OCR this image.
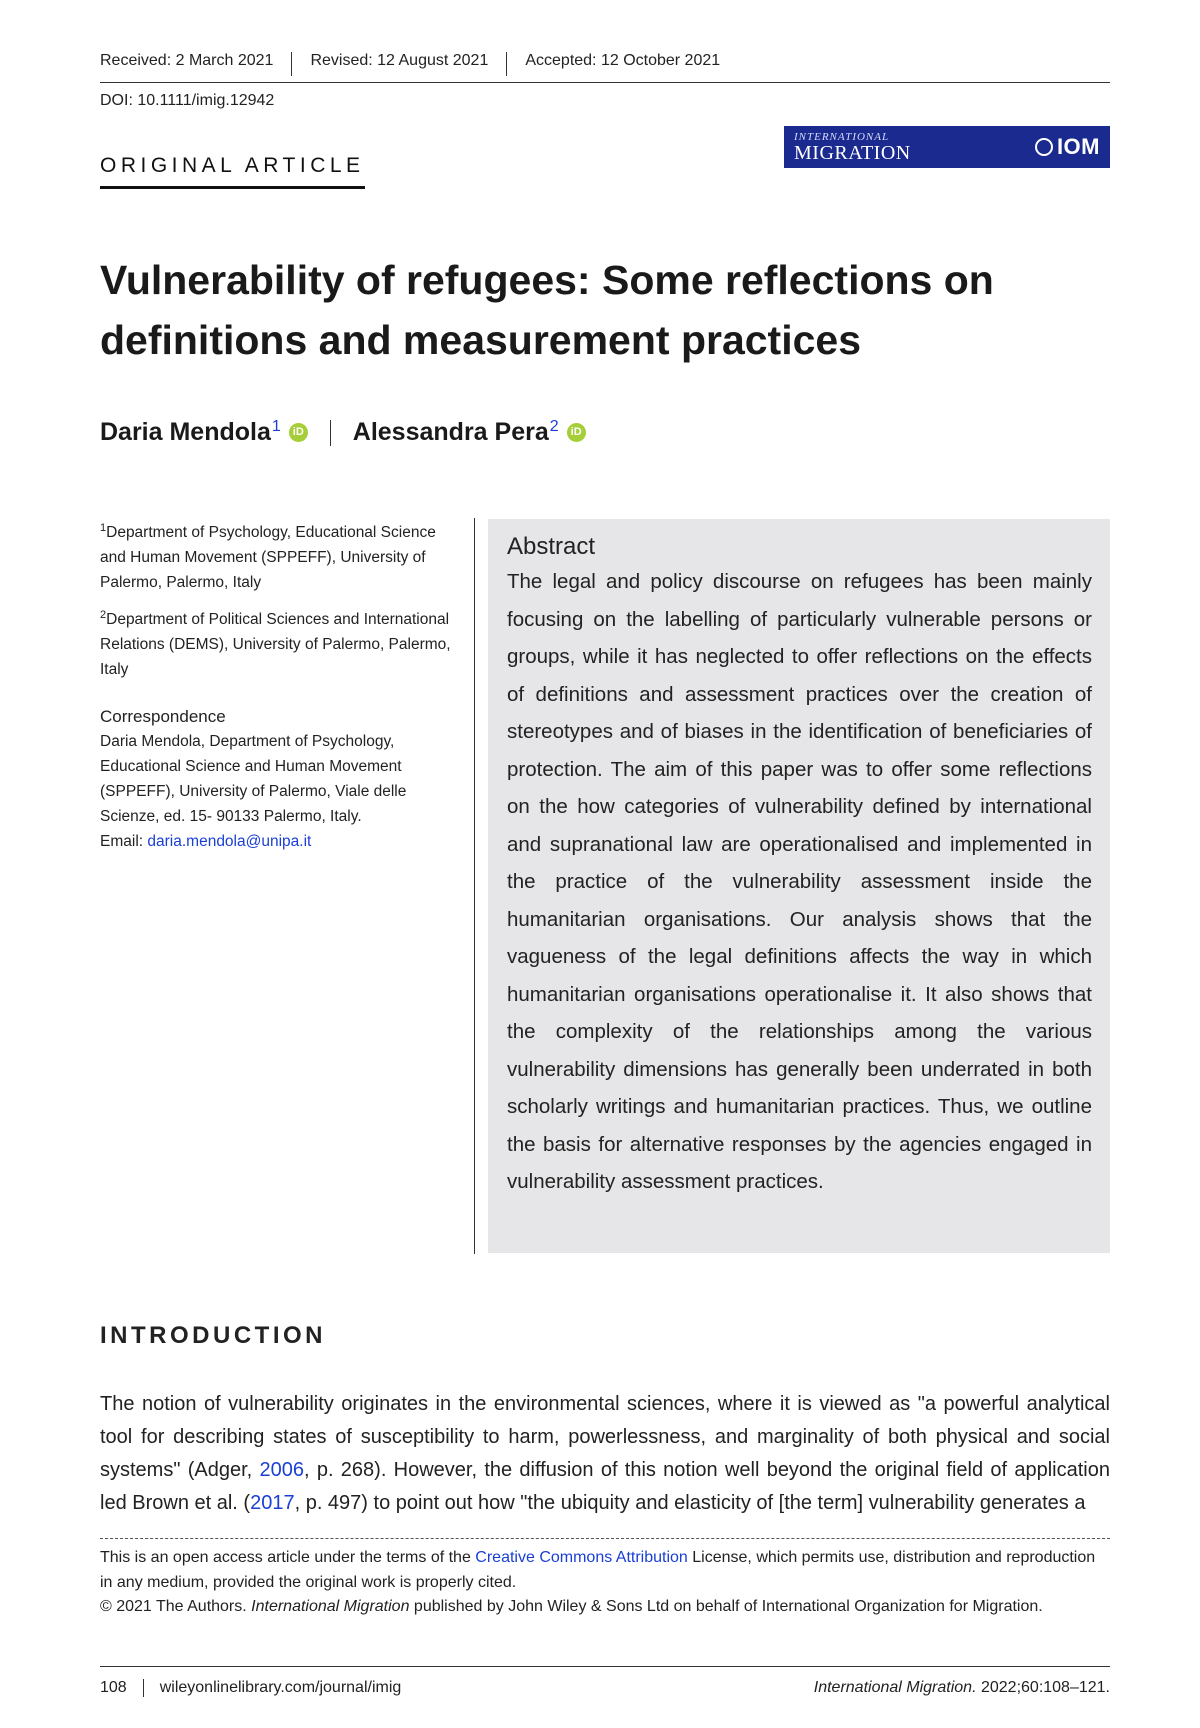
Received: 2 March 2021	Revised: 12 August 2021	Accepted: 12 October 2021
DOI: 10.1111/imig.12942
ORIGINAL ARTICLE
INTERNATIONAL
MIGRATION	IOM
Vulnerability of refugees: Some reflections on definitions and measurement practices
Daria Mendola$^1$	iD Alessandra Pera$^2$	iD

$^1$Department of Psychology, Educational Science and Human Movement (SPPEFF), University of Palermo, Palermo, Italy

$^2$Department of Political Sciences and International Relations (DEMS), University of Palermo, Palermo, Italy

Correspondence

Daria Mendola, Department of Psychology, Educational Science and Human Movement (SPPEFF), University of Palermo, Viale delle Scienze, ed. 15- 90133 Palermo, Italy.
Email: daria.mendola@unipa.it

Abstract

The legal and policy discourse on refugees has been mainly focusing on the labelling of particularly vulnerable persons or groups, while it has neglected to offer reflections on the effects of definitions and assessment practices over the creation of stereotypes and of biases in the identification of beneficiaries of protection. The aim of this paper was to offer some reflections on the how categories of vulnerability defined by international and supranational law are operationalised and implemented in the practice of the vulnerability assessment inside the humanitarian organisations. Our analysis shows that the vagueness of the legal definitions affects the way in which humanitarian organisations operationalise it. It also shows that the complexity of the relationships among the various vulnerability dimensions has generally been underrated in both scholarly writings and humanitarian practices. Thus, we outline the basis for alternative responses by the agencies engaged in vulnerability assessment practices.

INTRODUCTION
The notion of vulnerability originates in the environmental sciences, where it is viewed as "a powerful analytical tool for describing states of susceptibility to harm, powerlessness, and marginality of both physical and social systems" (Adger, 2006, p. 268). However, the diffusion of this notion well beyond the original field of application led Brown et al. (2017, p. 497) to point out how "the ubiquity and elasticity of [the term] vulnerability generates a

This is an open access article under the terms of the Creative Commons Attribution License, which permits use, distribution and reproduction in any medium, provided the original work is properly cited.

© 2021 The Authors. International Migration published by John Wiley & Sons Ltd on behalf of International Organization for Migration.

108	wileyonlinelibrary.com/journal/imig	International Migration. 2022;60:108–121.
